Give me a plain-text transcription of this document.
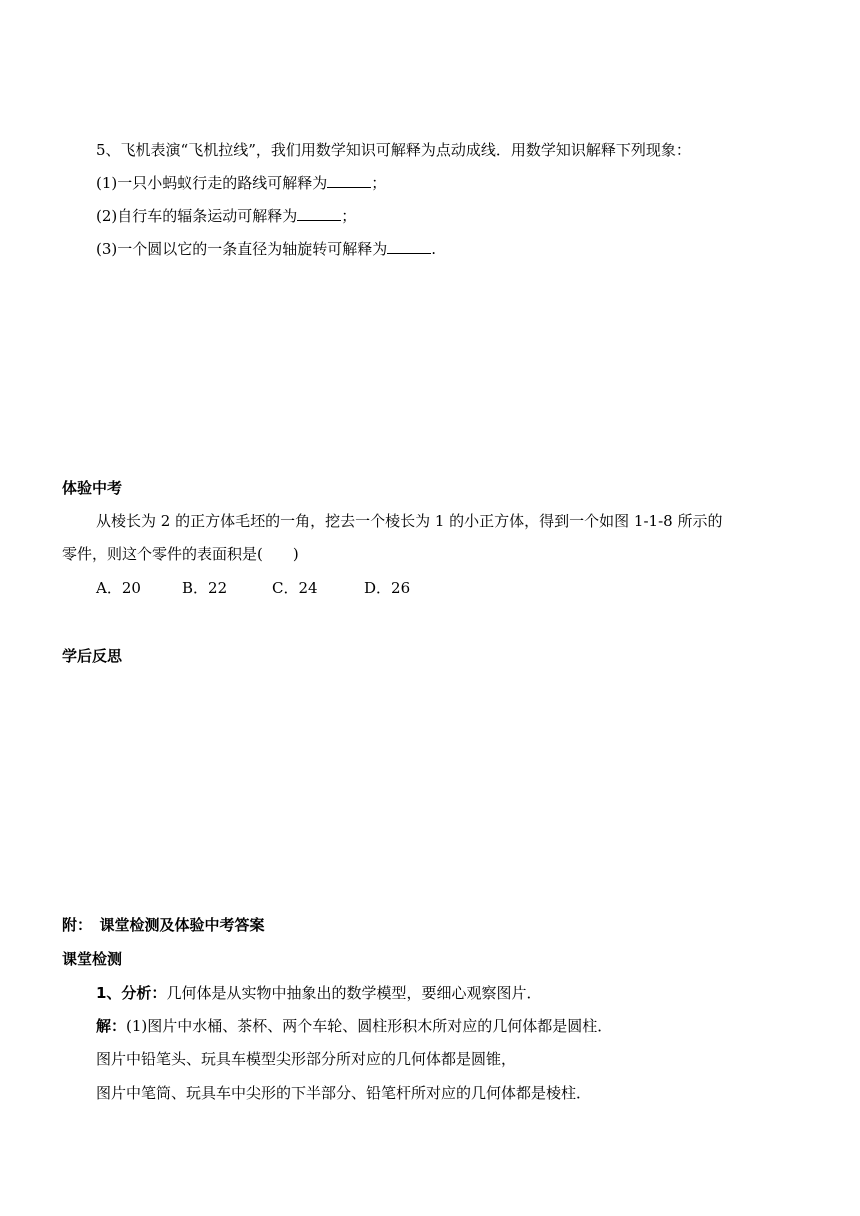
5、飞机表演“飞机拉线”，我们用数学知识可解释为点动成线．用数学知识解释下列现象：
(1)一只小蚂蚁行走的路线可解释为	；
(2)自行车的辐条运动可解释为	；
(3)一个圆以它的一条直径为轴旋转可解释为	.
体验中考
从棱长为 2 的正方体毛坯的一角，挖去一个棱长为 1 的小正方体，得到一个如图 1-1-8 所示的
零件，则这个零件的表面积是(　　)
A．20	B．22	C．24	D．26
学后反思
附：　课堂检测及体验中考答案
课堂检测
1、分析：几何体是从实物中抽象出的数学模型，要细心观察图片．
解：(1)图片中水桶、茶杯、两个车轮、圆柱形积木所对应的几何体都是圆柱．
图片中铅笔头、玩具车模型尖形部分所对应的几何体都是圆锥，
图片中笔筒、玩具车中尖形的下半部分、铅笔杆所对应的几何体都是棱柱．
